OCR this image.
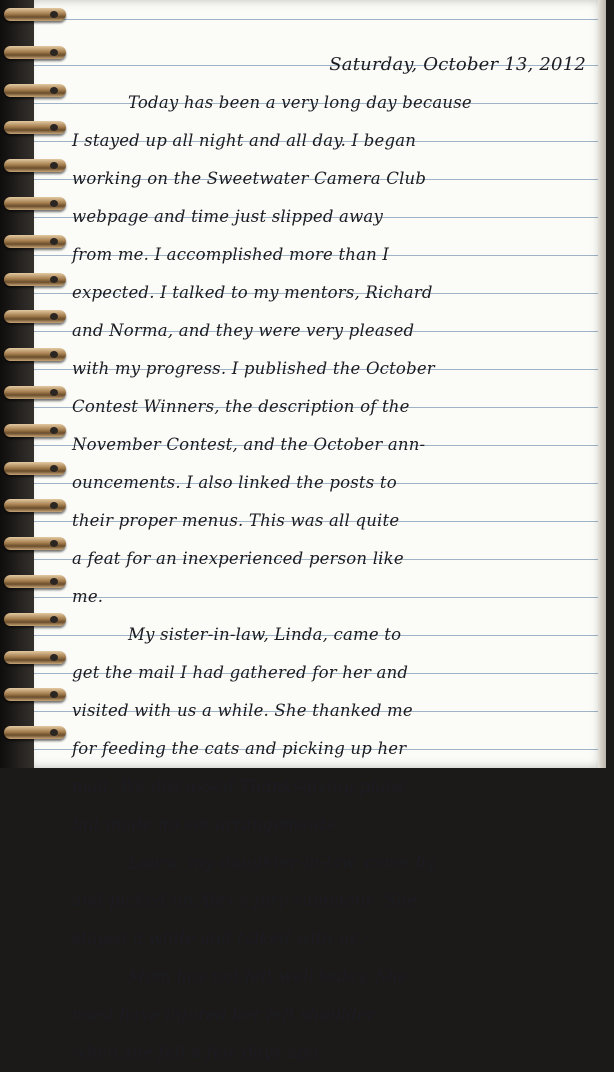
Saturday, October 13, 2012
Today has been a very long day because
I stayed up all night and all day. I began
working on the Sweetwater Camera Club
webpage and time just slipped away
from me. I accomplished more than I
expected. I talked to my mentors, Richard
and Norma, and they were very pleased
with my progress. I published the October
Contest Winners, the description of the
November Contest, and the October ann-
ouncements. I also linked the posts to
their proper menus. This was all quite
a feat for an inexperienced person like
me.
My sister-in-law, Linda, came to
get the mail I had gathered for her and
visited with us a while. She thanked me
for feeding the cats and picking up her
mail. We discussed Thanksgiving plans,
but made no set arrangements.
Laura, my daughter-in-law, came by
and picked up Alex's jury summons. She
stayed a while and talked with us.
Mom has not felt well today. She
must have injured her left shoulder
when she fell a few days ago.
